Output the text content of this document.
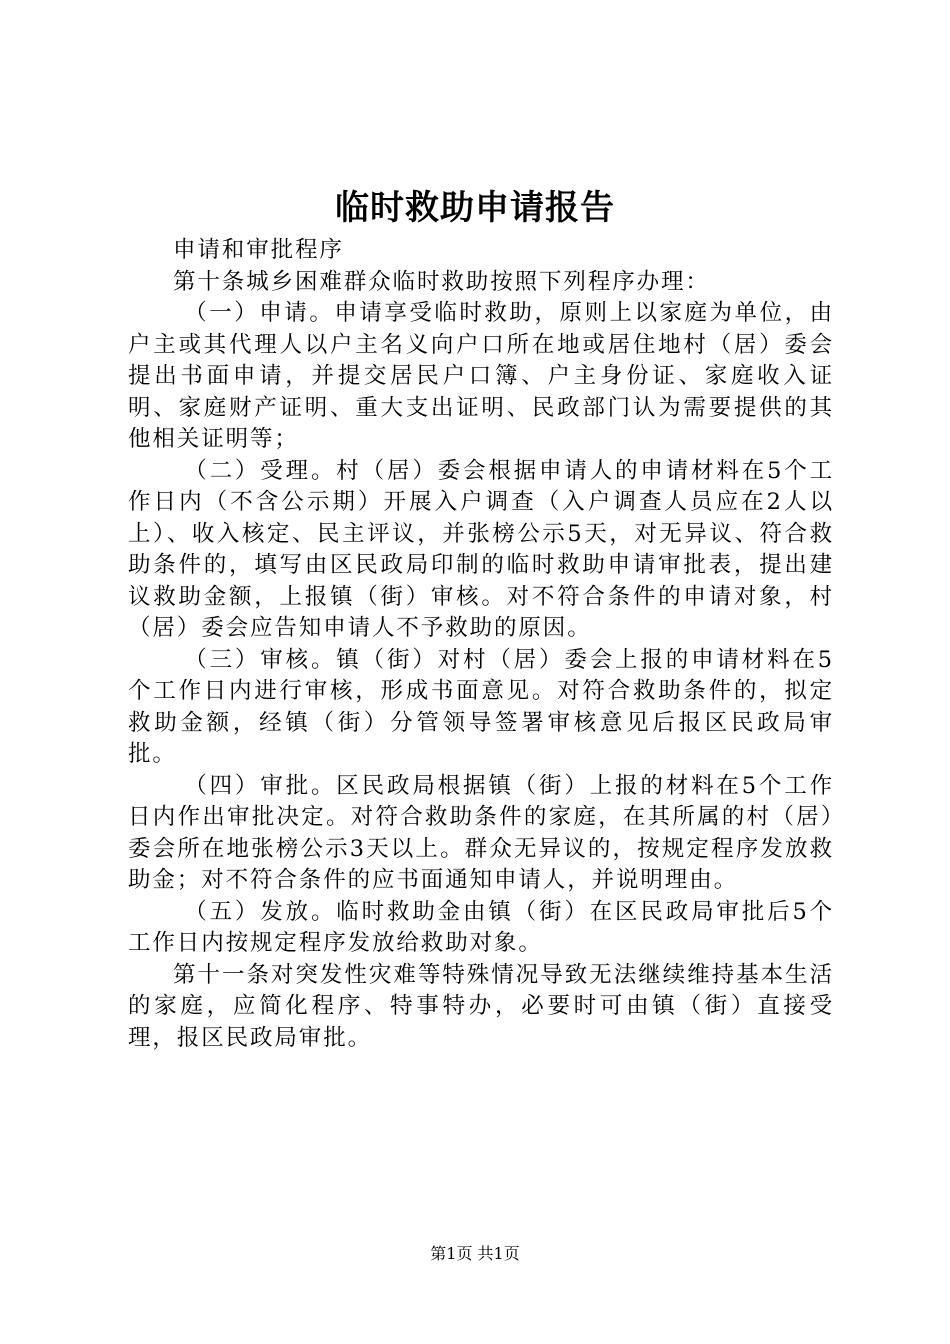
临时救助申请报告

申请和审批程序

第十条城乡困难群众临时救助按照下列程序办理：

（一）申请。申请享受临时救助，原则上以家庭为单位，由户主或其代理人以户主名义向户口所在地或居住地村（居）委会提出书面申请，并提交居民户口簿、户主身份证、家庭收入证明、家庭财产证明、重大支出证明、民政部门认为需要提供的其他相关证明等；

（二）受理。村（居）委会根据申请人的申请材料在5个工作日内（不含公示期）开展入户调查（入户调查人员应在2人以上）、收入核定、民主评议，并张榜公示5天，对无异议、符合救助条件的，填写由区民政局印制的临时救助申请审批表，提出建议救助金额，上报镇（街）审核。对不符合条件的申请对象，村（居）委会应告知申请人不予救助的原因。

（三）审核。镇（街）对村（居）委会上报的申请材料在5个工作日内进行审核，形成书面意见。对符合救助条件的，拟定救助金额，经镇（街）分管领导签署审核意见后报区民政局审批。

（四）审批。区民政局根据镇（街）上报的材料在5个工作日内作出审批决定。对符合救助条件的家庭，在其所属的村（居）委会所在地张榜公示3天以上。群众无异议的，按规定程序发放救助金；对不符合条件的应书面通知申请人，并说明理由。

（五）发放。临时救助金由镇（街）在区民政局审批后5个工作日内按规定程序发放给救助对象。

第十一条对突发性灾难等特殊情况导致无法继续维持基本生活的家庭，应简化程序、特事特办，必要时可由镇（街）直接受理，报区民政局审批。

第1页 共1页
